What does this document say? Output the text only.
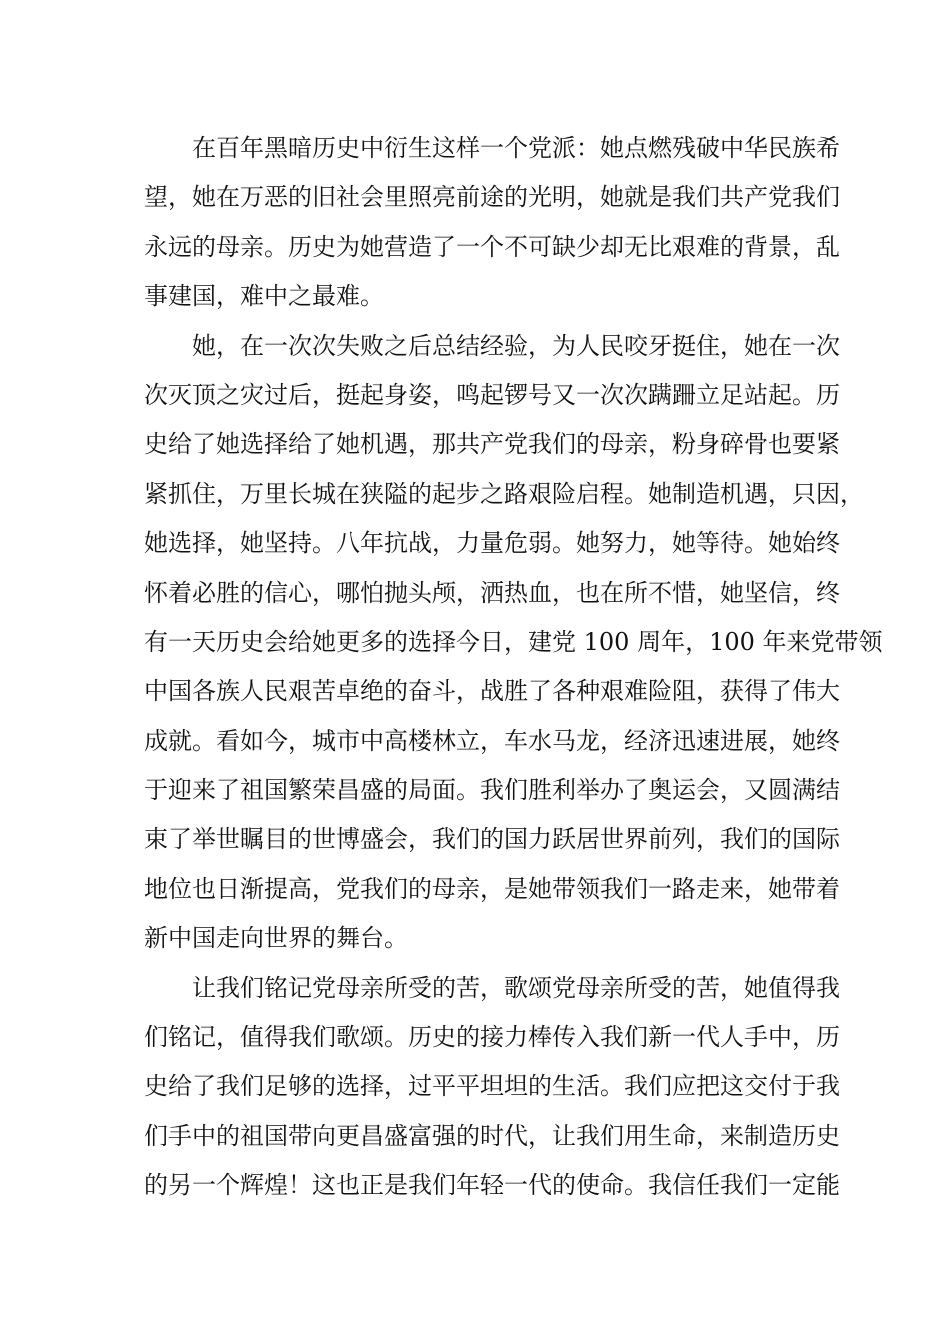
在百年黑暗历史中衍生这样一个党派：她点燃残破中华民族希
望，她在万恶的旧社会里照亮前途的光明，她就是我们共产党我们
永远的母亲。历史为她营造了一个不可缺少却无比艰难的背景，乱
事建国，难中之最难。

她，在一次次失败之后总结经验，为人民咬牙挺住，她在一次
次灭顶之灾过后，挺起身姿，鸣起锣号又一次次蹒跚立足站起。历
史给了她选择给了她机遇，那共产党我们的母亲，粉身碎骨也要紧
紧抓住，万里长城在狭隘的起步之路艰险启程。她制造机遇，只因，
她选择，她坚持。八年抗战，力量危弱。她努力，她等待。她始终
怀着必胜的信心，哪怕抛头颅，洒热血，也在所不惜，她坚信，终
有一天历史会给她更多的选择今日，建党 100 周年，100 年来党带领
中国各族人民艰苦卓绝的奋斗，战胜了各种艰难险阻，获得了伟大
成就。看如今，城市中高楼林立，车水马龙，经济迅速进展，她终
于迎来了祖国繁荣昌盛的局面。我们胜利举办了奥运会，又圆满结
束了举世瞩目的世博盛会，我们的国力跃居世界前列，我们的国际
地位也日渐提高，党我们的母亲，是她带领我们一路走来，她带着
新中国走向世界的舞台。

让我们铭记党母亲所受的苦，歌颂党母亲所受的苦，她值得我
们铭记，值得我们歌颂。历史的接力棒传入我们新一代人手中，历
史给了我们足够的选择，过平平坦坦的生活。我们应把这交付于我
们手中的祖国带向更昌盛富强的时代，让我们用生命，来制造历史
的另一个辉煌！这也正是我们年轻一代的使命。我信任我们一定能
